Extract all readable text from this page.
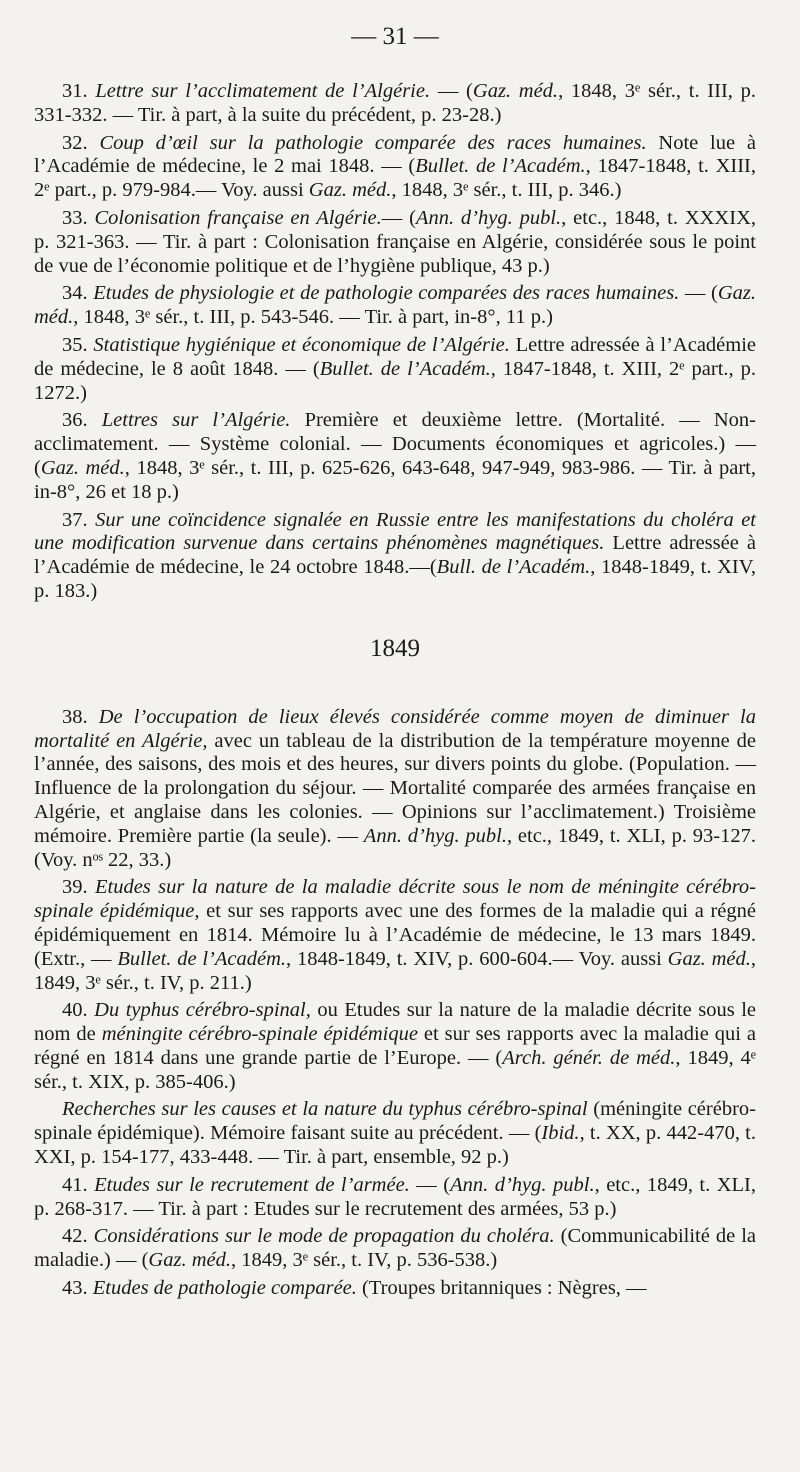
— 31 —
31. Lettre sur l’acclimatement de l’Algérie. — (Gaz. méd., 1848, 3ᵉ sér., t. III, p. 331-332. — Tir. à part, à la suite du précédent, p. 23-28.)
32. Coup d’œil sur la pathologie comparée des races humaines. Note lue à l’Académie de médecine, le 2 mai 1848. — (Bullet. de l’Académ., 1847-1848, t. XIII, 2ᵉ part., p. 979-984.— Voy. aussi Gaz. méd., 1848, 3ᵉ sér., t. III, p. 346.)
33. Colonisation française en Algérie.— (Ann. d’hyg. publ., etc., 1848, t. XXXIX, p. 321-363. — Tir. à part : Colonisation française en Algérie, considérée sous le point de vue de l’économie politique et de l’hygiène publique, 43 p.)
34. Etudes de physiologie et de pathologie comparées des races humaines. — (Gaz. méd., 1848, 3ᵉ sér., t. III, p. 543-546. — Tir. à part, in-8°, 11 p.)
35. Statistique hygiénique et économique de l’Algérie. Lettre adressée à l’Académie de médecine, le 8 août 1848. — (Bullet. de l’Académ., 1847-1848, t. XIII, 2ᵉ part., p. 1272.)
36. Lettres sur l’Algérie. Première et deuxième lettre. (Mortalité. — Non-acclimatement. — Système colonial. — Documents économiques et agricoles.) — (Gaz. méd., 1848, 3ᵉ sér., t. III, p. 625-626, 643-648, 947-949, 983-986. — Tir. à part, in-8°, 26 et 18 p.)
37. Sur une coïncidence signalée en Russie entre les manifestations du choléra et une modification survenue dans certains phénomènes magnétiques. Lettre adressée à l’Académie de médecine, le 24 octobre 1848.—(Bull. de l’Académ., 1848-1849, t. XIV, p. 183.)
1849
38. De l’occupation de lieux élevés considérée comme moyen de diminuer la mortalité en Algérie, avec un tableau de la distribution de la température moyenne de l’année, des saisons, des mois et des heures, sur divers points du globe. (Population. — Influence de la prolongation du séjour. — Mortalité comparée des armées française en Algérie, et anglaise dans les colonies. — Opinions sur l’acclimatement.) Troisième mémoire. Première partie (la seule). — Ann. d’hyg. publ., etc., 1849, t. XLI, p. 93-127. (Voy. nᵒˢ 22, 33.)
39. Etudes sur la nature de la maladie décrite sous le nom de méningite cérébro-spinale épidémique, et sur ses rapports avec une des formes de la maladie qui a régné épidémiquement en 1814. Mémoire lu à l’Académie de médecine, le 13 mars 1849. (Extr., — Bullet. de l’Académ., 1848-1849, t. XIV, p. 600-604.— Voy. aussi Gaz. méd., 1849, 3ᵉ sér., t. IV, p. 211.)
40. Du typhus cérébro-spinal, ou Etudes sur la nature de la maladie décrite sous le nom de méningite cérébro-spinale épidémique et sur ses rapports avec la maladie qui a régné en 1814 dans une grande partie de l’Europe. — (Arch. génér. de méd., 1849, 4ᵉ sér., t. XIX, p. 385-406.)
Recherches sur les causes et la nature du typhus cérébro-spinal (méningite cérébro-spinale épidémique). Mémoire faisant suite au précédent. — (Ibid., t. XX, p. 442-470, t. XXI, p. 154-177, 433-448. — Tir. à part, ensemble, 92 p.)
41. Etudes sur le recrutement de l’armée. — (Ann. d’hyg. publ., etc., 1849, t. XLI, p. 268-317. — Tir. à part : Etudes sur le recrutement des armées, 53 p.)
42. Considérations sur le mode de propagation du choléra. (Communicabilité de la maladie.) — (Gaz. méd., 1849, 3ᵉ sér., t. IV, p. 536-538.)
43. Etudes de pathologie comparée. (Troupes britanniques : Nègres, —
